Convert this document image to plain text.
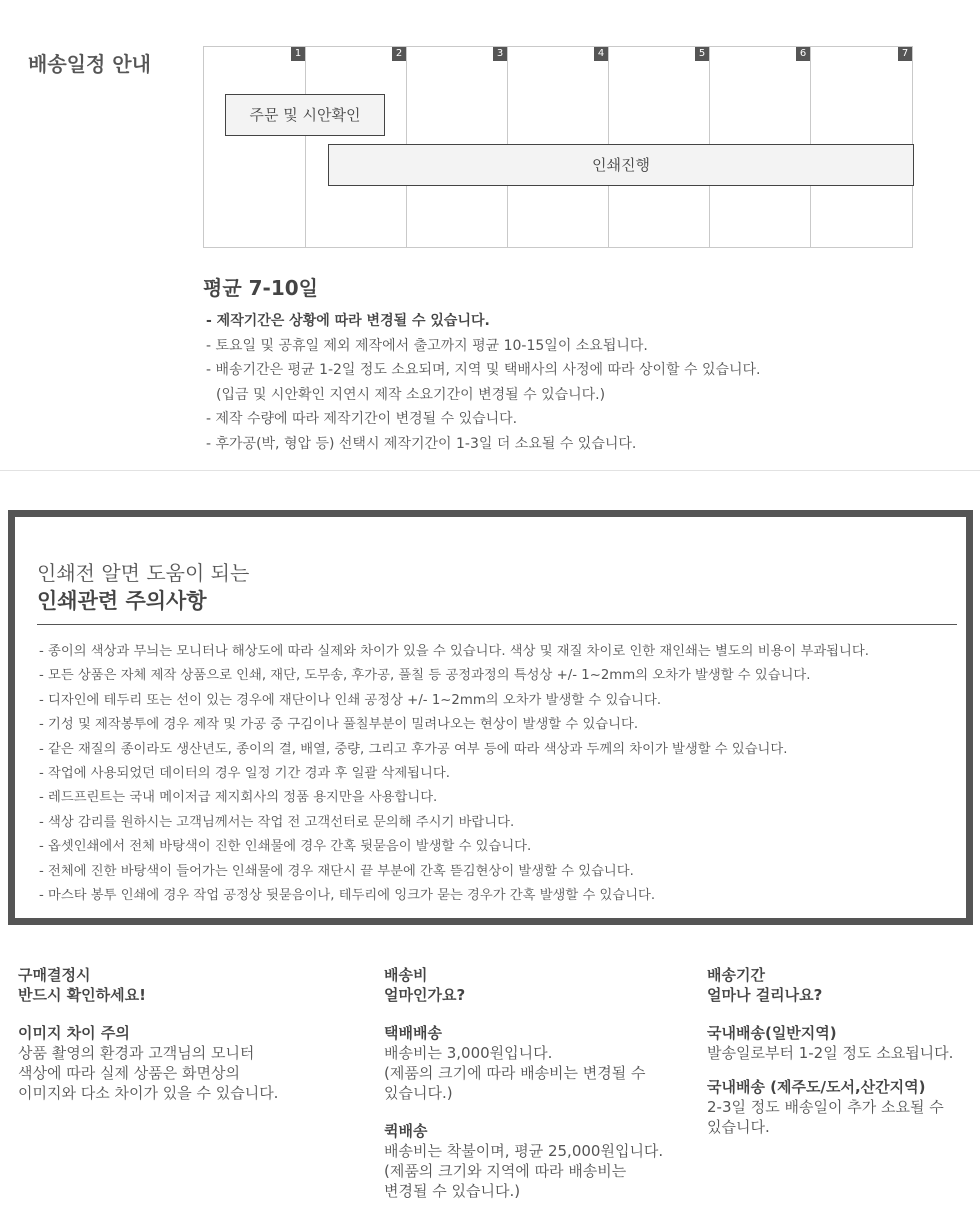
배송일정 안내	1	2	3	4	5	6	7
주문 및 시안확인
인쇄진행
평균 7-10일
- 제작기간은 상황에 따라 변경될 수 있습니다.
- 토요일 및 공휴일 제외 제작에서 출고까지 평균 10-15일이 소요됩니다.
- 배송기간은 평균 1-2일 정도 소요되며, 지역 및 택배사의 사정에 따라 상이할 수 있습니다.
(입금 및 시안확인 지연시 제작 소요기간이 변경될 수 있습니다.)
- 제작 수량에 따라 제작기간이 변경될 수 있습니다.
- 후가공(박, 형압 등) 선택시 제작기간이 1-3일 더 소요될 수 있습니다.
인쇄전 알면 도움이 되는
인쇄관련 주의사항
- 종이의 색상과 무늬는 모니터나 해상도에 따라 실제와 차이가 있을 수 있습니다. 색상 및 재질 차이로 인한 재인쇄는 별도의 비용이 부과됩니다.
- 모든 상품은 자체 제작 상품으로 인쇄, 재단, 도무송, 후가공, 풀칠 등 공정과정의 특성상 +/- 1~2mm의 오차가 발생할 수 있습니다.
- 디자인에 테두리 또는 선이 있는 경우에 재단이나 인쇄 공정상 +/- 1~2mm의 오차가 발생할 수 있습니다.
- 기성 및 제작봉투에 경우 제작 및 가공 중 구김이나 풀칠부분이 밀려나오는 현상이 발생할 수 있습니다.
- 같은 재질의 종이라도 생산년도, 종이의 결, 배열, 중량, 그리고 후가공 여부 등에 따라 색상과 두께의 차이가 발생할 수 있습니다.
- 작업에 사용되었던 데이터의 경우 일정 기간 경과 후 일괄 삭제됩니다.
- 레드프린트는 국내 메이저급 제지회사의 정품 용지만을 사용합니다.
- 색상 감리를 원하시는 고객님께서는 작업 전 고객선터로 문의해 주시기 바랍니다.
- 옵셋인쇄에서 전체 바탕색이 진한 인쇄물에 경우 간혹 뒷묻음이 발생할 수 있습니다.
- 전체에 진한 바탕색이 들어가는 인쇄물에 경우 재단시 끝 부분에 간혹 뜯김현상이 발생할 수 있습니다.
- 마스타 봉투 인쇄에 경우 작업 공정상 뒷묻음이나, 테두리에 잉크가 묻는 경우가 간혹 발생할 수 있습니다.

구매결정시

반드시 확인하세요!

이미지 차이 주의

상품 촬영의 환경과 고객님의 모니터

색상에 따라 실제 상품은 화면상의

이미지와 다소 차이가 있을 수 있습니다.

배송비

얼마인가요?

택배배송

배송비는 3,000원입니다.

(제품의 크기에 따라 배송비는 변경될 수

있습니다.)

퀵배송

배송비는 착불이며, 평균 25,000원입니다.

(제품의 크기와 지역에 따라 배송비는

변경될 수 있습니다.)

배송기간

얼마나 걸리나요?

국내배송(일반지역)

발송일로부터 1-2일 정도 소요됩니다.

국내배송 (제주도/도서,산간지역)

2-3일 정도 배송일이 추가 소요될 수

있습니다.
